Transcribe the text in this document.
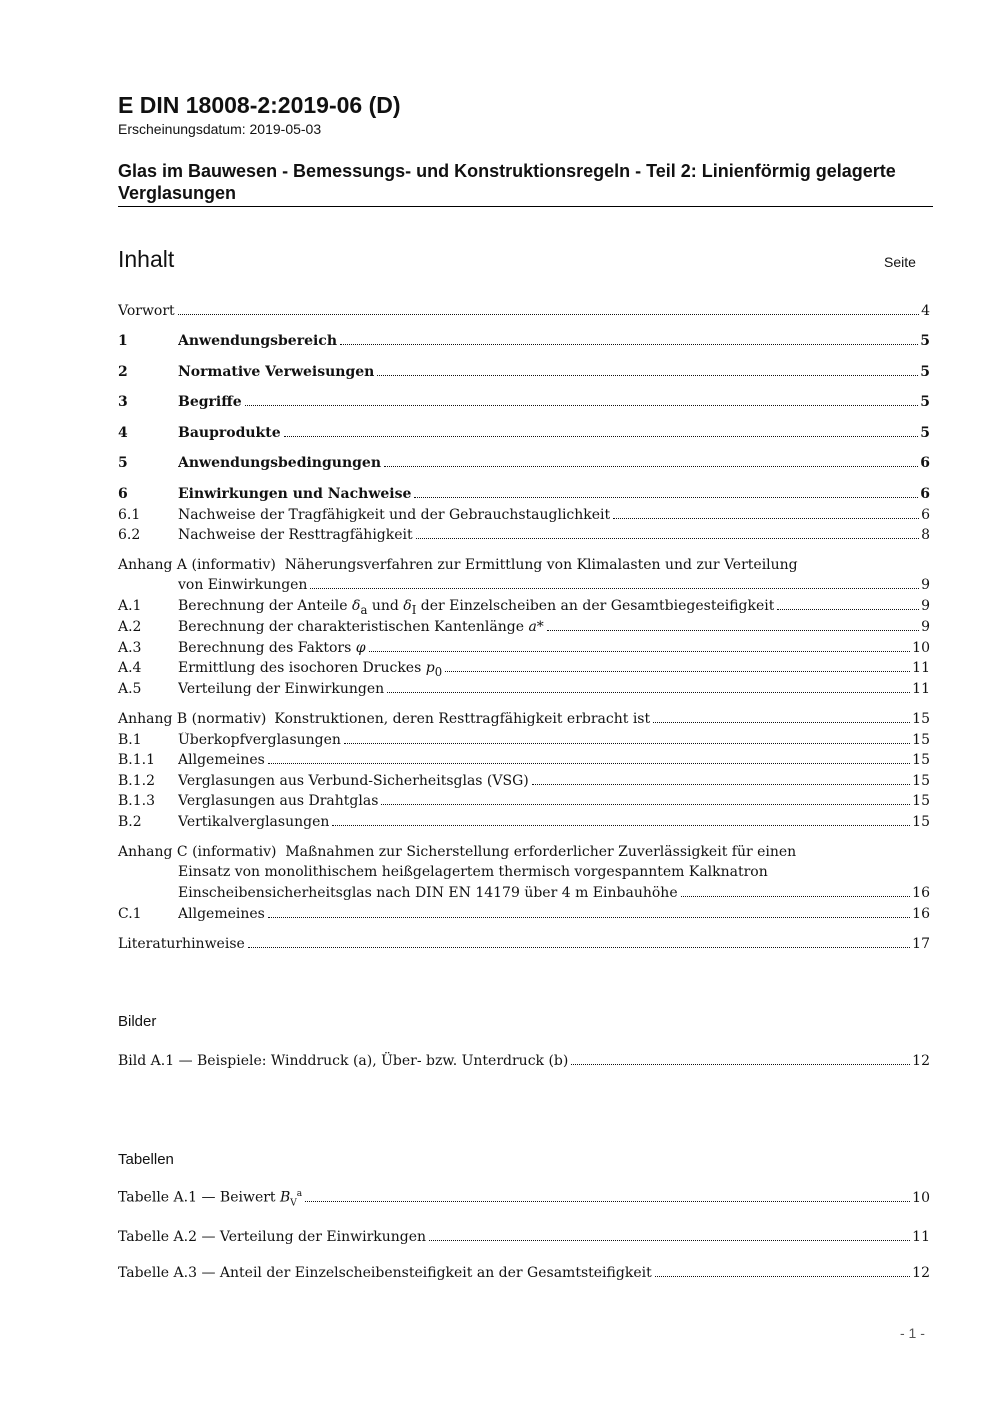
E DIN 18008-2:2019-06 (D)
Erscheinungsdatum: 2019-05-03
Glas im Bauwesen - Bemessungs- und Konstruktionsregeln - Teil 2: Linienförmig gelagerte Verglasungen
Inhalt	Seite
Vorwort	4
1	Anwendungsbereich	5
2	Normative Verweisungen	5
3	Begriffe	5
4	Bauprodukte	5
5	Anwendungsbedingungen	6
6	Einwirkungen und Nachweise	6
6.1	Nachweise der Tragfähigkeit und der Gebrauchstauglichkeit	6
6.2	Nachweise der Resttragfähigkeit	8
Anhang A (informativ) Näherungsverfahren zur Ermittlung von Klimalasten und zur Verteilung
von Einwirkungen	9
A.1	Berechnung der Anteile $\delta_a$ und $\delta_I$ der Einzelscheiben an der Gesamtbiegesteifigkeit	9
A.2	Berechnung der charakteristischen Kantenlänge a*	9
A.3	Berechnung des Faktors φ	10
A.4	Ermittlung des isochoren Druckes $p_0$	11
A.5	Verteilung der Einwirkungen	11
Anhang B (normativ) Konstruktionen, deren Resttragfähigkeit erbracht ist	15
B.1	Überkopfverglasungen	15
B.1.1	Allgemeines	15
B.1.2	Verglasungen aus Verbund-Sicherheitsglas (VSG)	15
B.1.3	Verglasungen aus Drahtglas	15
B.2	Vertikalverglasungen	15
Anhang C (informativ) Maßnahmen zur Sicherstellung erforderlicher Zuverlässigkeit für einen
Einsatz von monolithischem heißgelagertem thermisch vorgespanntem Kalknatron
Einscheibensicherheitsglas nach DIN EN 14179 über 4 m Einbauhöhe	16
C.1	Allgemeines	16
Literaturhinweise	17
Bilder
Bild A.1 — Beispiele: Winddruck (a), Über- bzw. Unterdruck (b)	12
Tabellen
Tabelle A.1 — Beiwert $B_V^a$	10
Tabelle A.2 — Verteilung der Einwirkungen	11
Tabelle A.3 — Anteil der Einzelscheibensteifigkeit an der Gesamtsteifigkeit	12
- 1 -
